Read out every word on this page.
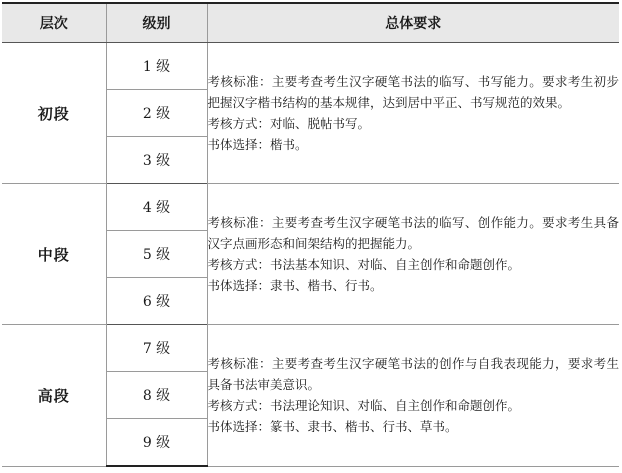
层次	级别	总体要求
初段	1 级	考核标准：主要考查考生汉字硬笔书法的临写、书写能力。要求考生初步把握汉字楷书结构的基本规律，达到居中平正、书写规范的效果。

考核方式：对临、脱帖书写。

书体选择：楷书。

	2 级	
	3 级	
中段	4 级	考核标准：主要考查考生汉字硬笔书法的临写、创作能力。要求考生具备汉字点画形态和间架结构的把握能力。

考核方式：书法基本知识、对临、自主创作和命题创作。

书体选择：隶书、楷书、行书。

	5 级	
	6 级	
高段	7 级	考核标准：主要考查考生汉字硬笔书法的创作与自我表现能力，要求考生具备书法审美意识。

考核方式：书法理论知识、对临、自主创作和命题创作。

书体选择：篆书、隶书、楷书、行书、草书。

	8 级	
	9 级	
